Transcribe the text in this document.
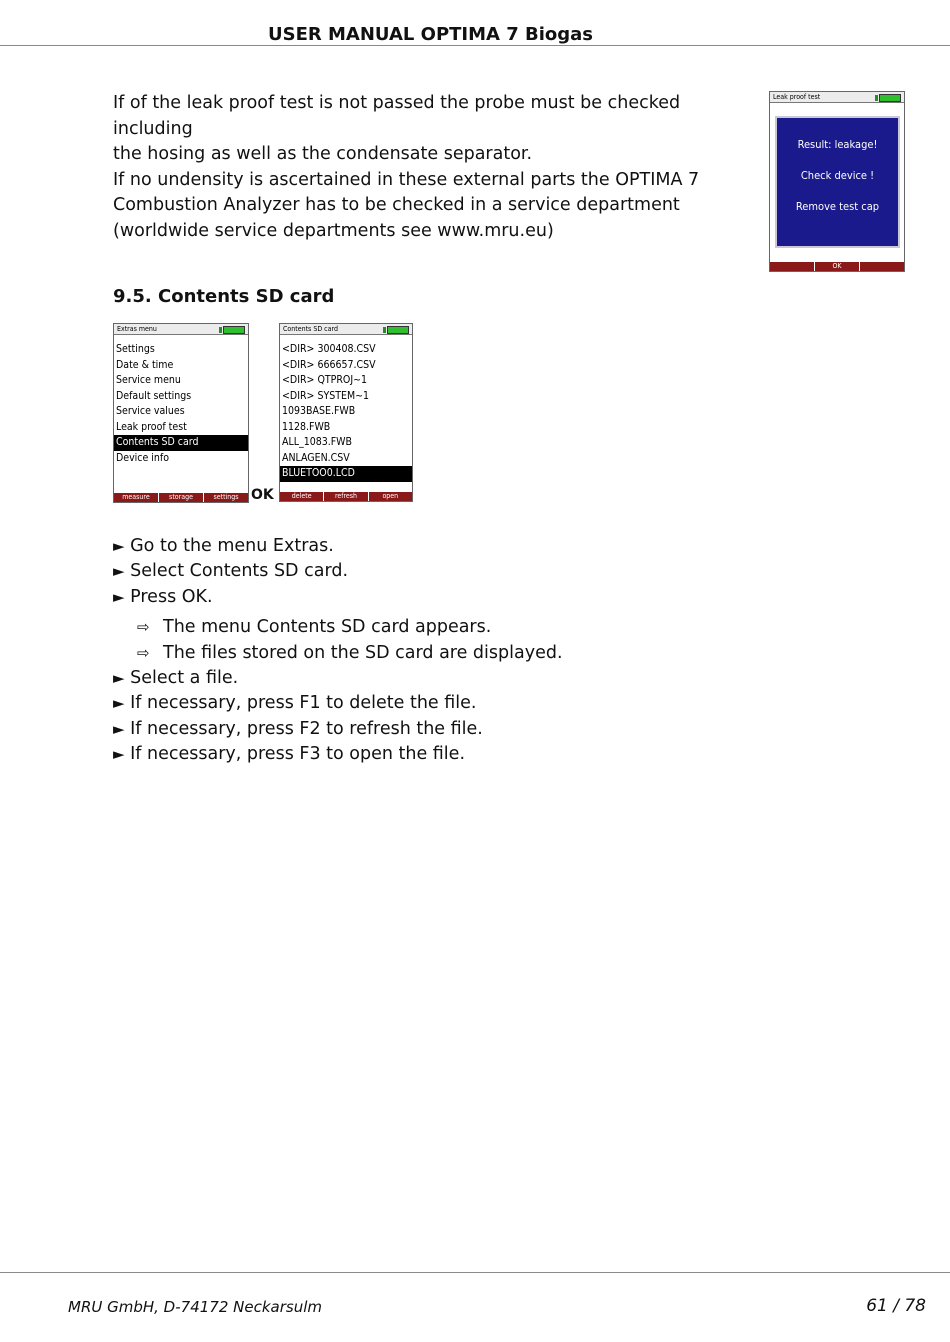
USER MANUAL OPTIMA 7 Biogas

If of the leak proof test is not passed the probe must be checked including

the hosing as well as the condensate separator.

If no undensity is ascertained in these external parts the OPTIMA 7

Combustion Analyzer has to be checked in a service department

(worldwide service departments see www.mru.eu)

Leak proof test
Result: leakage!
Check device !
Remove test cap
OK
9.5. Contents SD card
Extras menu
Settings
Date & time
Service menu
Default settings
Service values
Leak proof test
Contents SD card
Device info
measure	storage	settings OK
Contents SD card
<DIR> 300408.CSV
<DIR> 666657.CSV
<DIR> QTPROJ~1
<DIR> SYSTEM~1
1093BASE.FWB
1128.FWB
ALL_1083.FWB
ANLAGEN.CSV
BLUETOO0.LCD
delete	refresh	open
► Go to the menu Extras.
► Select Contents SD card.
► Press OK.
⇨ The menu Contents SD card appears.
⇨ The files stored on the SD card are displayed.
► Select a file.
► If necessary, press F1 to delete the file.
► If necessary, press F2 to refresh the file.
► If necessary, press F3 to open the file.
MRU GmbH, D-74172 Neckarsulm	61 / 78
